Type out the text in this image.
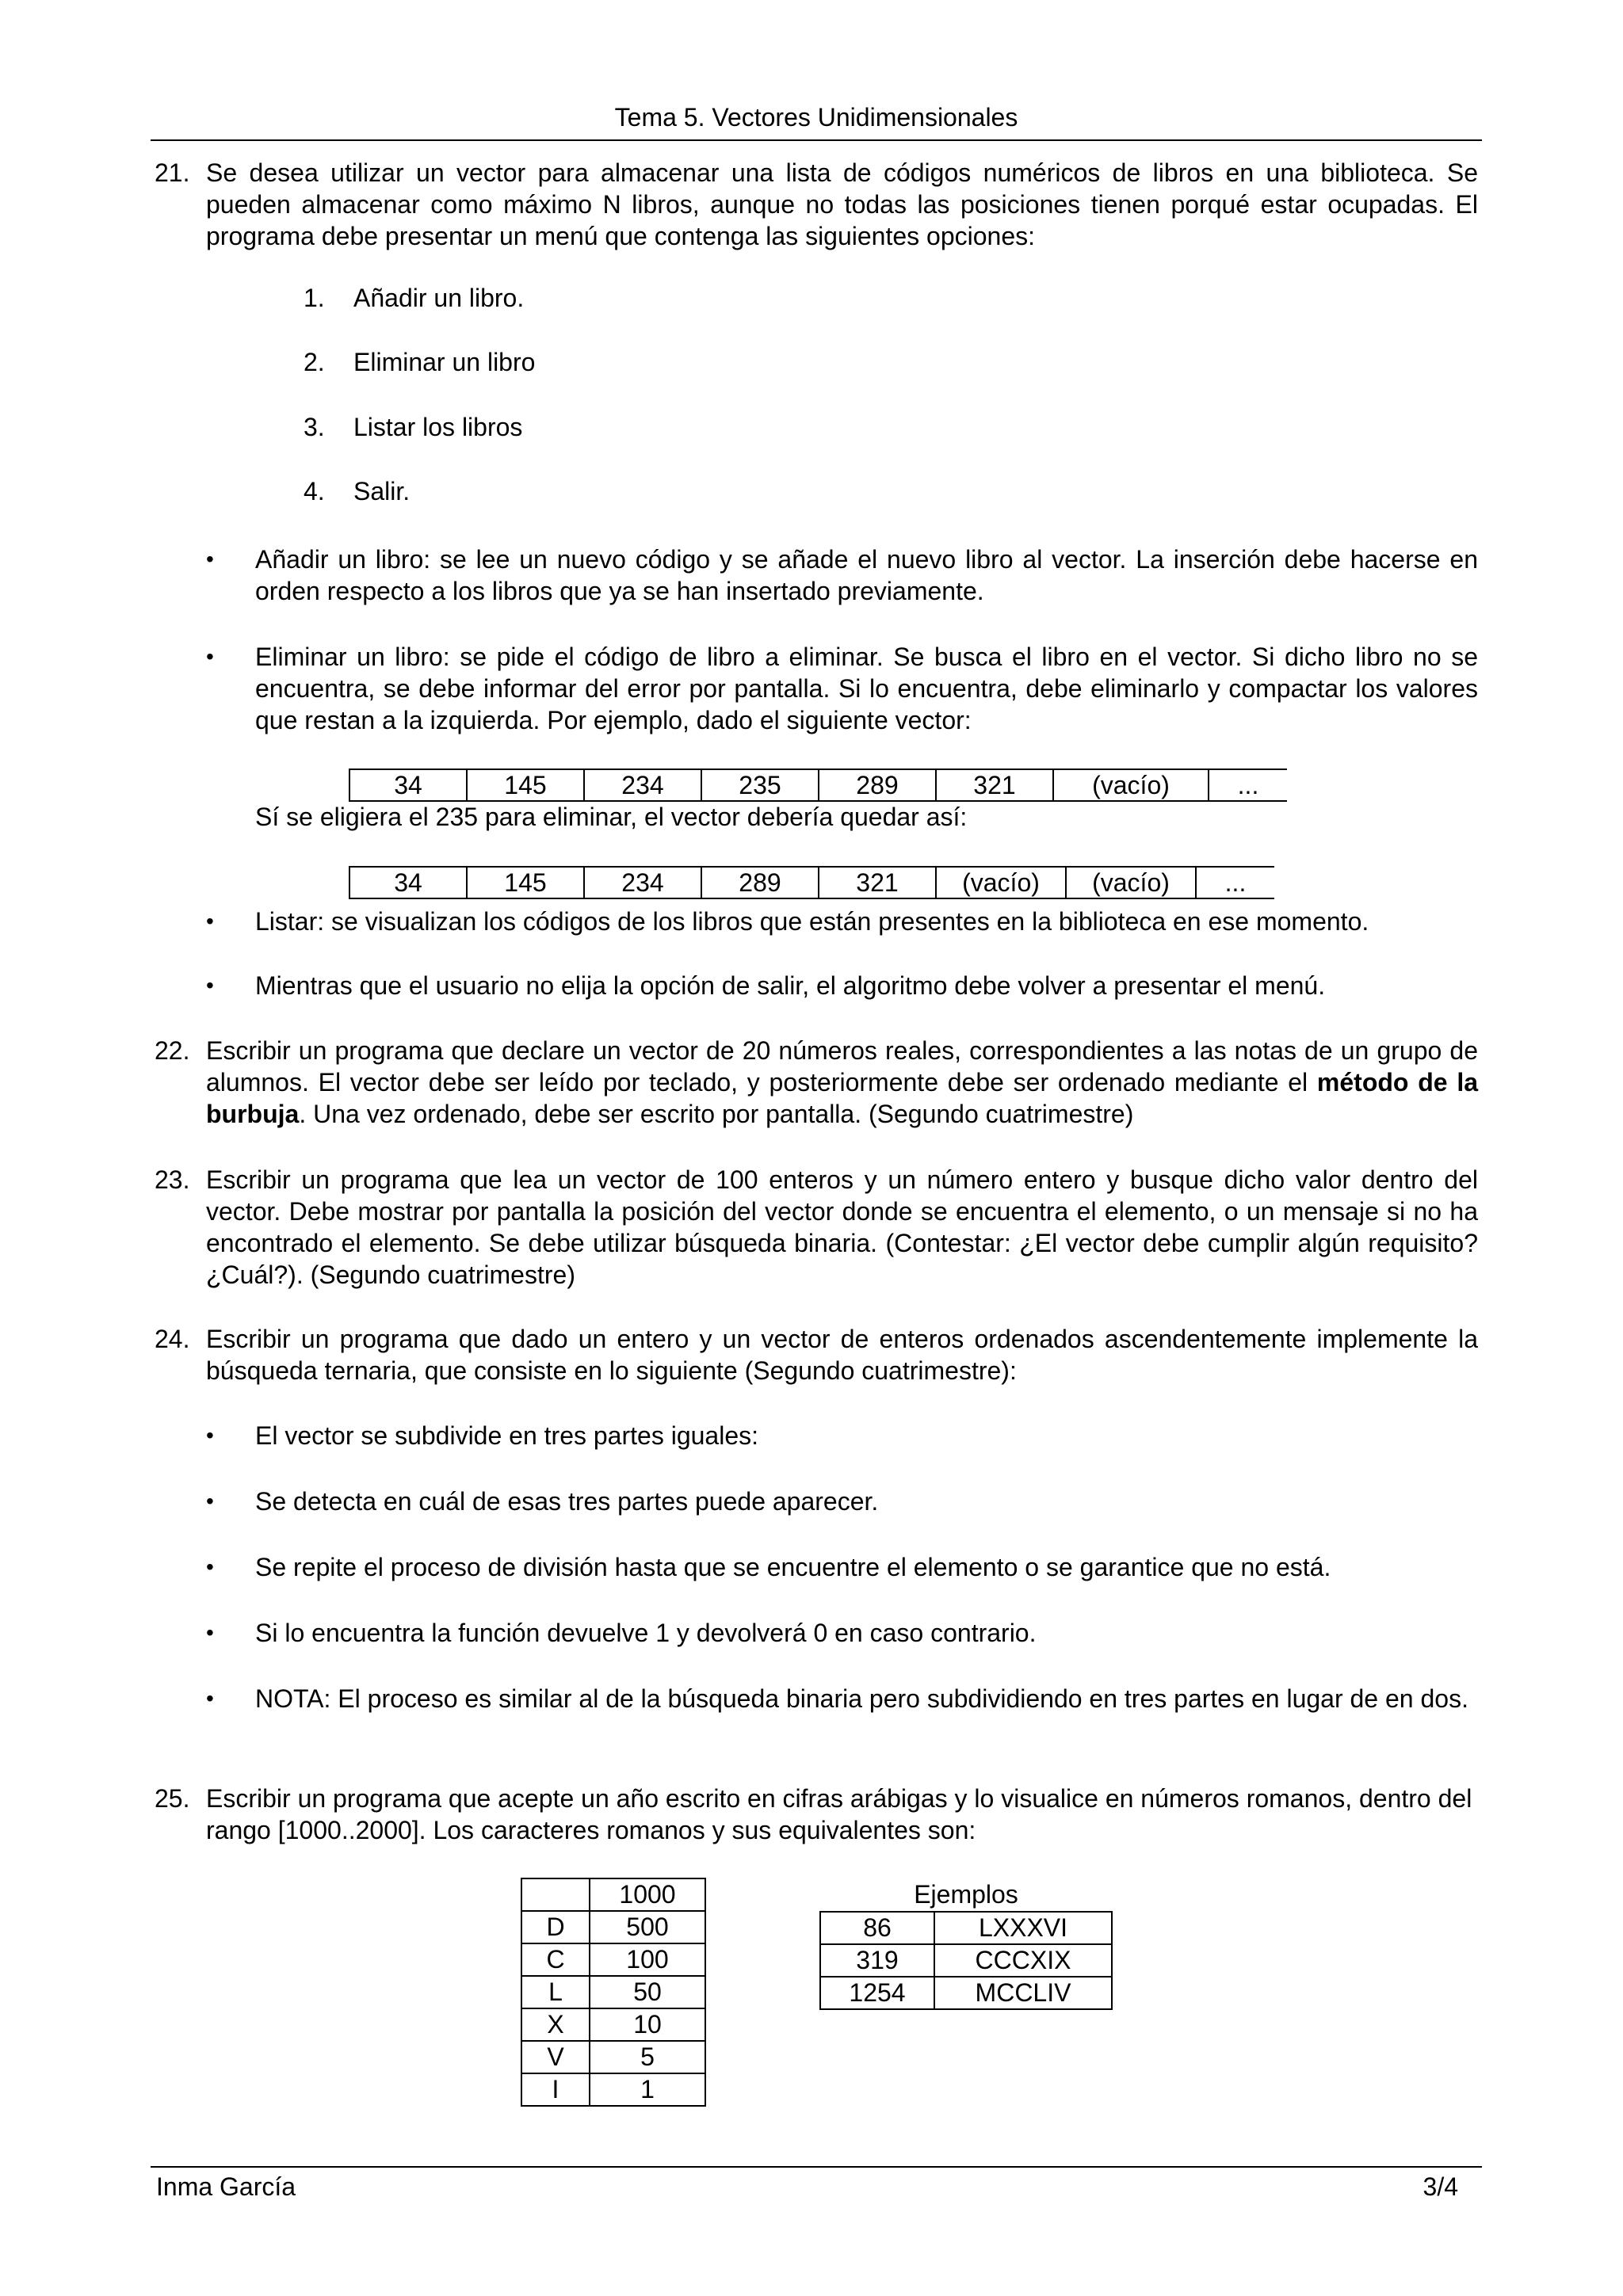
Tema 5. Vectores Unidimensionales
21. Se desea utilizar un vector para almacenar una lista de códigos numéricos de libros en una biblioteca. Se pueden almacenar como máximo N libros, aunque no todas las posiciones tienen porqué estar ocupadas. El programa debe presentar un menú que contenga las siguientes opciones:
1. Añadir un libro.
2. Eliminar un libro
3. Listar los libros
4. Salir.
• Añadir un libro: se lee un nuevo código y se añade el nuevo libro al vector. La inserción debe hacerse en orden respecto a los libros que ya se han insertado previamente.
• Eliminar un libro: se pide el código de libro a eliminar. Se busca el libro en el vector. Si dicho libro no se encuentra, se debe informar del error por pantalla. Si lo encuentra, debe eliminarlo y compactar los valores que restan a la izquierda. Por ejemplo, dado el siguiente vector:
34	145	234	235	289	321	(vacío)	...
Sí se eligiera el 235 para eliminar, el vector debería quedar así:
34	145	234	289	321	(vacío)	(vacío)	...
• Listar: se visualizan los códigos de los libros que están presentes en la biblioteca en ese momento.
• Mientras que el usuario no elija la opción de salir, el algoritmo debe volver a presentar el menú.
22. Escribir un programa que declare un vector de 20 números reales, correspondientes a las notas de un grupo de alumnos. El vector debe ser leído por teclado, y posteriormente debe ser ordenado mediante el método de la burbuja. Una vez ordenado, debe ser escrito por pantalla. (Segundo cuatrimestre)
23. Escribir un programa que lea un vector de 100 enteros y un número entero y busque dicho valor dentro del vector. Debe mostrar por pantalla la posición del vector donde se encuentra el elemento, o un mensaje si no ha encontrado el elemento. Se debe utilizar búsqueda binaria. (Contestar: ¿El vector debe cumplir algún requisito? ¿Cuál?). (Segundo cuatrimestre)
24. Escribir un programa que dado un entero y un vector de enteros ordenados ascendentemente implemente la búsqueda ternaria, que consiste en lo siguiente (Segundo cuatrimestre):
• El vector se subdivide en tres partes iguales:
• Se detecta en cuál de esas tres partes puede aparecer.
• Se repite el proceso de división hasta que se encuentre el elemento o se garantice que no está.
• Si lo encuentra la función devuelve 1 y devolverá 0 en caso contrario.
• NOTA: El proceso es similar al de la búsqueda binaria pero subdividiendo en tres partes en lugar de en dos.
25. Escribir un programa que acepte un año escrito en cifras arábigas y lo visualice en números romanos, dentro del rango [1000..2000]. Los caracteres romanos y sus equivalentes son:
	1000
D	500
C	100
L	50
X	10
V	5
I	1
Ejemplos
86	LXXXVI
319	CCCXIX
1254	MCCLIV
Inma García	3/4
